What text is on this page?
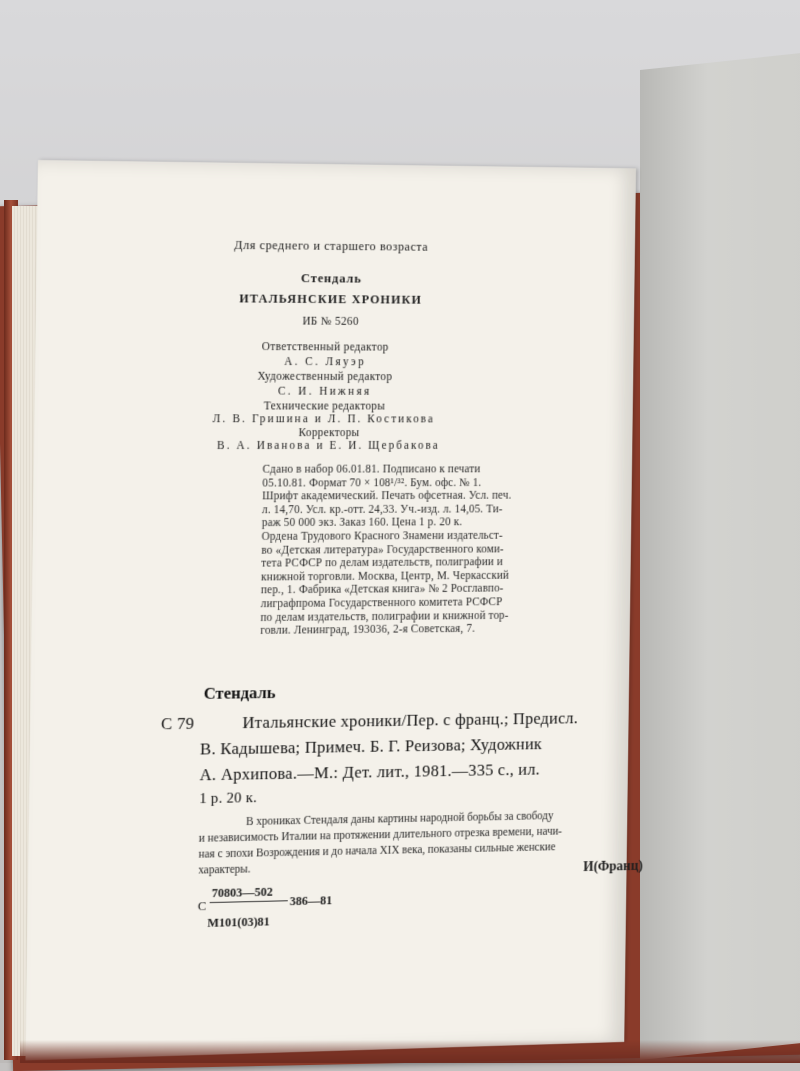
Для среднего и старшего возраста
Стендаль
ИТАЛЬЯНСКИЕ ХРОНИКИ
ИБ № 5260
Ответственный редактор
А. С. Ляуэр
Художественный редактор
С. И. Нижняя
Технические редакторы
Л. В. Гришина и Л. П. Костикова
Корректоры
В. А. Иванова и Е. И. Щербакова
Сдано в набор 06.01.81. Подписано к печати
05.10.81. Формат 70 × 108¹/³². Бум. офс. № 1.
Шрифт академический. Печать офсетная. Усл. печ.
л. 14,70. Усл. кр.-отт. 24,33. Уч.-изд. л. 14,05. Ти-
раж 50 000 экз. Заказ 160. Цена 1 р. 20 к.
Ордена Трудового Красного Знамени издательст-
во «Детская литература» Государственного коми-
тета РСФСР по делам издательств, полиграфии и
книжной торговли. Москва, Центр, М. Черкасский
пер., 1. Фабрика «Детская книга» № 2 Росглавпо-
лиграфпрома Государственного комитета РСФСР
по делам издательств, полиграфии и книжной тор-
говли. Ленинград, 193036, 2-я Советская, 7.
Стендаль
С 79	Итальянские хроники/Пер. с франц.; Предисл.
В. Кадышева; Примеч. Б. Г. Реизова; Художник
А. Архипова.—М.: Дет. лит., 1981.—335 с., ил.
1 р. 20 к.
В хрониках Стендаля даны картины народной борьбы за свободу
и независимость Италии на протяжении длительного отрезка времени, начи-
ная с эпохи Возрождения и до начала XIX века, показаны сильные женские
характеры.	И(Франц)
С
70803—502
386—81
М101(03)81
